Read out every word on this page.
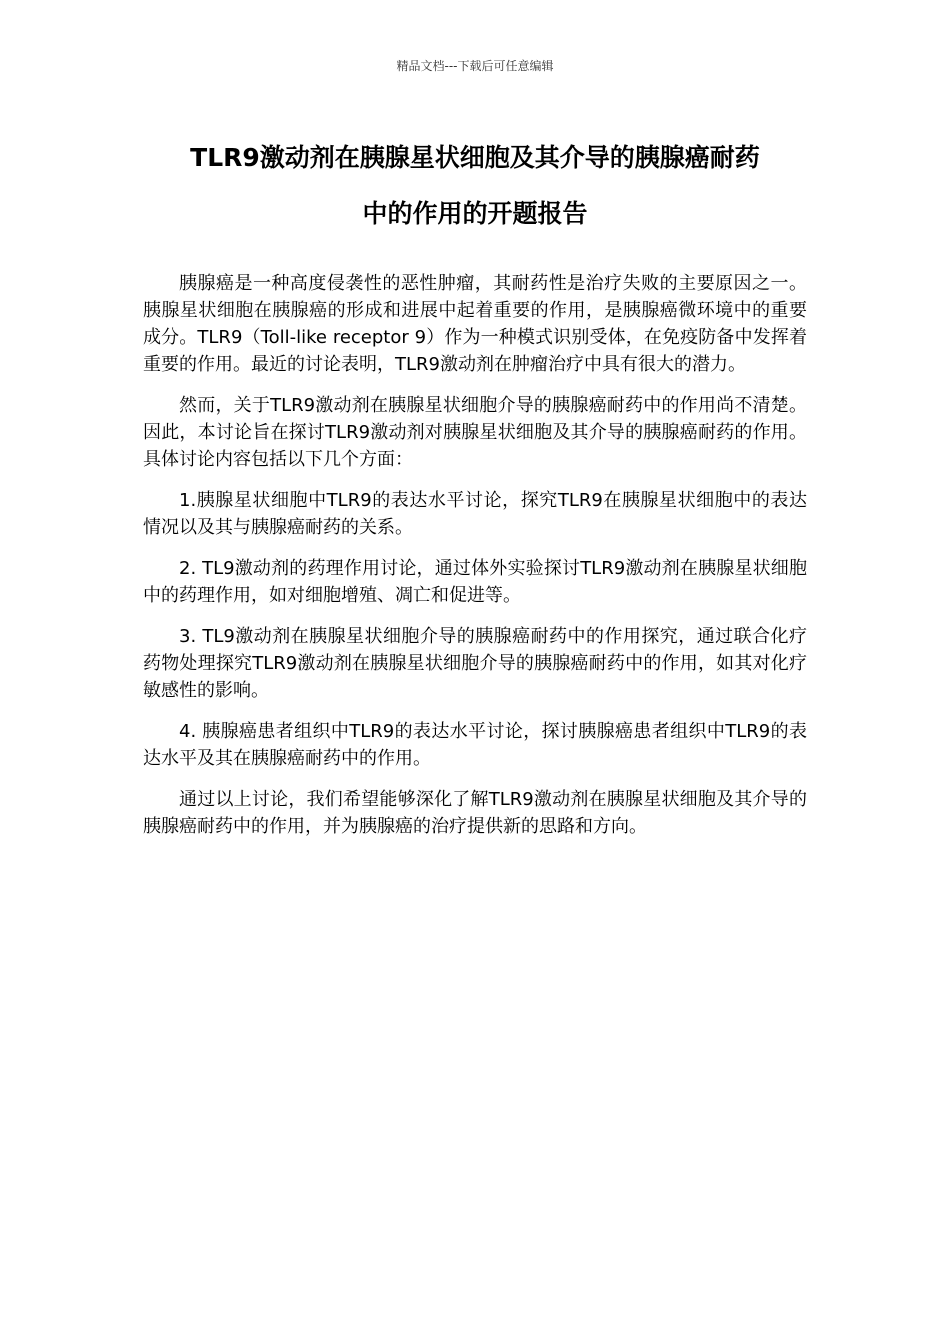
精品文档---下载后可任意编辑
TLR9激动剂在胰腺星状细胞及其介导的胰腺癌耐药
中的作用的开题报告

胰腺癌是一种高度侵袭性的恶性肿瘤，其耐药性是治疗失败的主要原因之一。胰腺星状细胞在胰腺癌的形成和进展中起着重要的作用，是胰腺癌微环境中的重要成分。TLR9（Toll-like receptor 9）作为一种模式识别受体，在免疫防备中发挥着重要的作用。最近的讨论表明，TLR9激动剂在肿瘤治疗中具有很大的潜力。

然而，关于TLR9激动剂在胰腺星状细胞介导的胰腺癌耐药中的作用尚不清楚。因此，本讨论旨在探讨TLR9激动剂对胰腺星状细胞及其介导的胰腺癌耐药的作用。具体讨论内容包括以下几个方面：

1.胰腺星状细胞中TLR9的表达水平讨论，探究TLR9在胰腺星状细胞中的表达情况以及其与胰腺癌耐药的关系。

2. TL9激动剂的药理作用讨论，通过体外实验探讨TLR9激动剂在胰腺星状细胞中的药理作用，如对细胞增殖、凋亡和促进等。

3. TL9激动剂在胰腺星状细胞介导的胰腺癌耐药中的作用探究，通过联合化疗药物处理探究TLR9激动剂在胰腺星状细胞介导的胰腺癌耐药中的作用，如其对化疗敏感性的影响。

4. 胰腺癌患者组织中TLR9的表达水平讨论，探讨胰腺癌患者组织中TLR9的表达水平及其在胰腺癌耐药中的作用。

通过以上讨论，我们希望能够深化了解TLR9激动剂在胰腺星状细胞及其介导的胰腺癌耐药中的作用，并为胰腺癌的治疗提供新的思路和方向。
